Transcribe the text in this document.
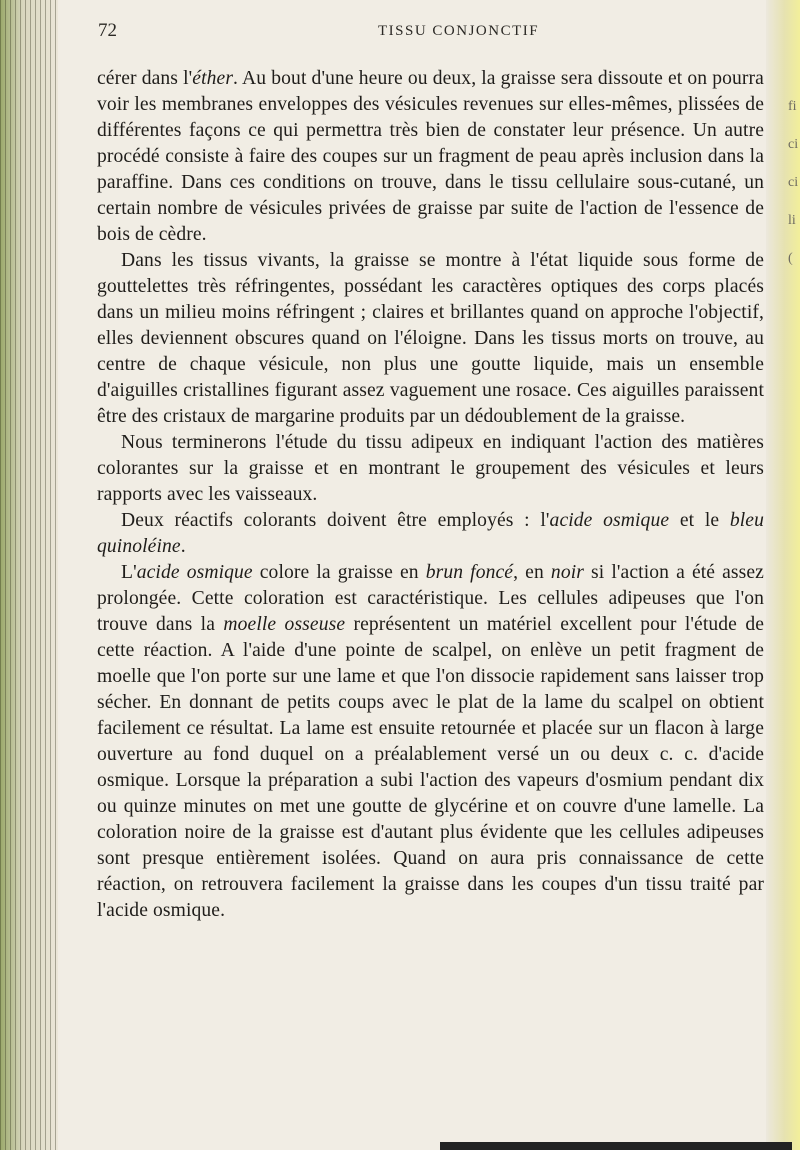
fi ci ci li (
72	TISSU CONJONCTIF

cérer dans l'éther. Au bout d'une heure ou deux, la graisse sera dissoute et on pourra voir les membranes enveloppes des vésicules revenues sur elles-mêmes, plissées de différentes façons ce qui permettra très bien de constater leur présence. Un autre procédé consiste à faire des coupes sur un fragment de peau après inclusion dans la paraffine. Dans ces conditions on trouve, dans le tissu cellulaire sous-cutané, un certain nombre de vésicules privées de graisse par suite de l'action de l'essence de bois de cèdre.

Dans les tissus vivants, la graisse se montre à l'état liquide sous forme de gouttelettes très réfringentes, possédant les caractères optiques des corps placés dans un milieu moins réfringent ; claires et brillantes quand on approche l'objectif, elles deviennent obscures quand on l'éloigne. Dans les tissus morts on trouve, au centre de chaque vésicule, non plus une goutte liquide, mais un ensemble d'aiguilles cristallines figurant assez vaguement une rosace. Ces aiguilles paraissent être des cristaux de margarine produits par un dédoublement de la graisse.

Nous terminerons l'étude du tissu adipeux en indiquant l'action des matières colorantes sur la graisse et en montrant le groupement des vésicules et leurs rapports avec les vaisseaux.

Deux réactifs colorants doivent être employés : l'acide osmique et le bleu quinoléine.

L'acide osmique colore la graisse en brun foncé, en noir si l'action a été assez prolongée. Cette coloration est caractéristique. Les cellules adipeuses que l'on trouve dans la moelle osseuse représentent un matériel excellent pour l'étude de cette réaction. A l'aide d'une pointe de scalpel, on enlève un petit fragment de moelle que l'on porte sur une lame et que l'on dissocie rapidement sans laisser trop sécher. En donnant de petits coups avec le plat de la lame du scalpel on obtient facilement ce résultat. La lame est ensuite retournée et placée sur un flacon à large ouverture au fond duquel on a préalablement versé un ou deux c. c. d'acide osmique. Lorsque la préparation a subi l'action des vapeurs d'osmium pendant dix ou quinze minutes on met une goutte de glycérine et on couvre d'une lamelle. La coloration noire de la graisse est d'autant plus évidente que les cellules adipeuses sont presque entièrement isolées. Quand on aura pris connaissance de cette réaction, on retrouvera facilement la graisse dans les coupes d'un tissu traité par l'acide osmique.
